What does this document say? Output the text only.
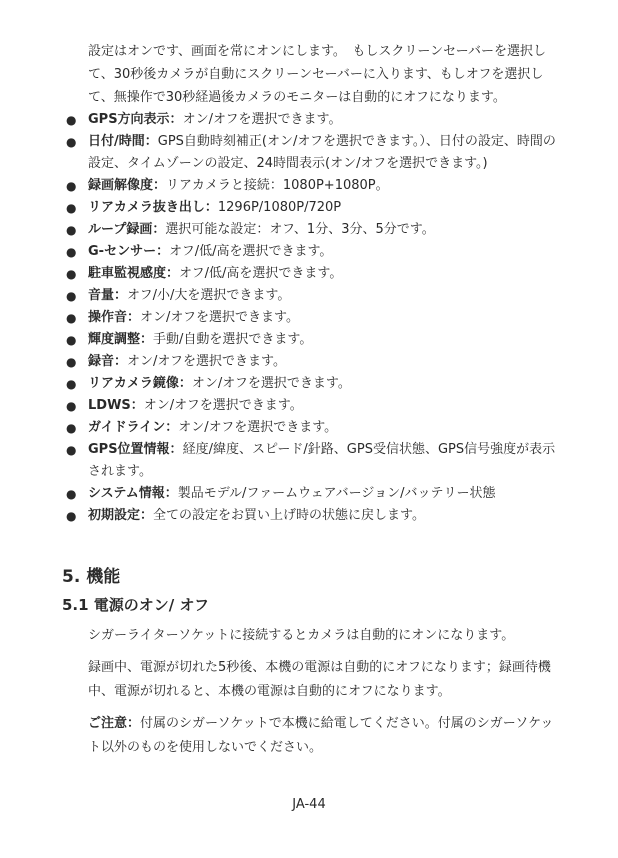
設定はオンです、画面を常にオンにします。　もしスクリーンセーバーを選択して、30秒後カメラが自動にスクリーンセーバーに入ります、もしオフを選択して、無操作で30秒経過後カメラのモニターは自動的にオフになります。
● GPS方向表示：オン/オフを選択できます。
● 日付/時間：GPS自動時刻補正(オン/オフを選択できます。）、日付の設定、時間の設定、タイムゾーンの設定、24時間表示(オン/オフを選択できます。)
● 録画解像度：リアカメラと接続：1080P+1080P。
● リアカメラ抜き出し：1296P/1080P/720P
● ループ録画：選択可能な設定：オフ、1分、3分、5分です。
● G-センサー：オフ/低/高を選択できます。
● 駐車監視感度：オフ/低/高を選択できます。
● 音量：オフ/小/大を選択できます。
● 操作音：オン/オフを選択できます。
● 輝度調整：手動/自動を選択できます。
● 録音：オン/オフを選択できます。
● リアカメラ鏡像：オン/オフを選択できます。
● LDWS：オン/オフを選択できます。
● ガイドライン：オン/オフを選択できます。
● GPS位置情報：経度/緯度、スピード/針路、GPS受信状態、GPS信号強度が表示されます。
● システム情報：製品モデル/ファームウェアバージョン/バッテリー状態
● 初期設定：全ての設定をお買い上げ時の状態に戻します。
5. 機能
5.1 電源のオン/ オフ
シガーライターソケットに接続するとカメラは自動的にオンになります。
録画中、電源が切れた5秒後、本機の電源は自動的にオフになります；録画待機中、電源が切れると、本機の電源は自動的にオフになります。
ご注意：付属のシガーソケットで本機に給電してください。付属のシガーソケット以外のものを使用しないでください。
JA-44
